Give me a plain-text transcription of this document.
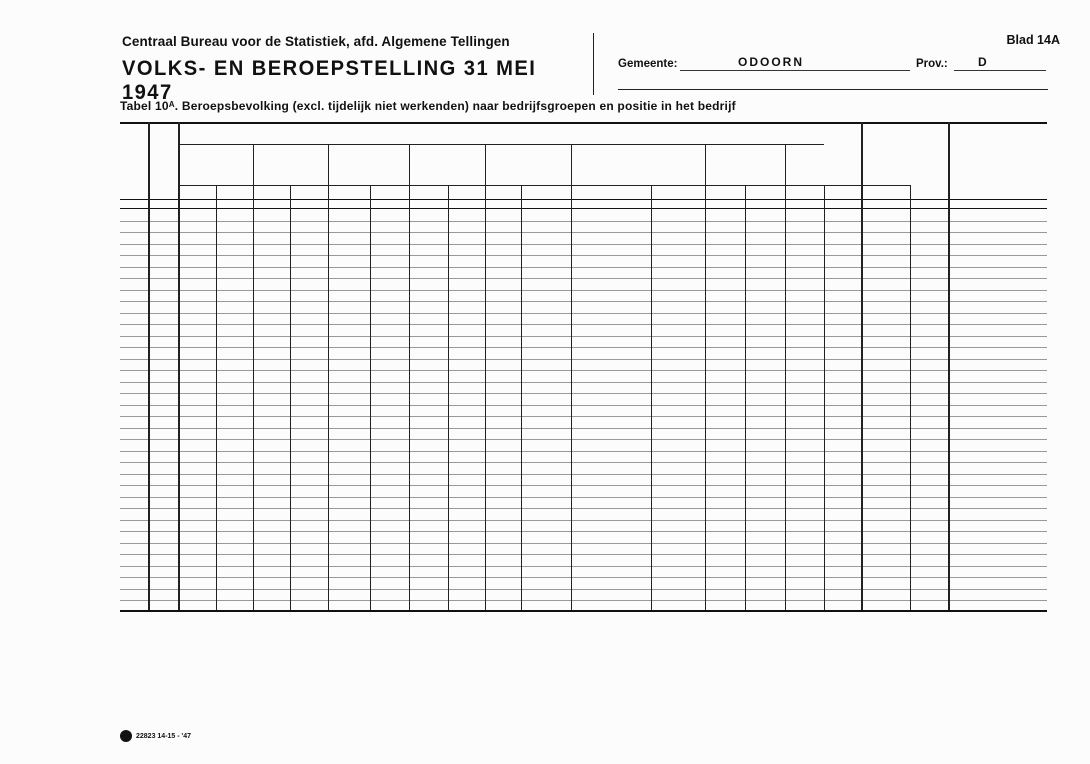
Centraal Bureau voor de Statistiek, afd. Algemene Tellingen
VOLKS- EN BEROEPSTELLING 31 MEI 1947
Blad 14A
Gemeente:	ODOORN	Prov.:	D
Tabel 10ᴬ. Beroepsbevolking (excl. tijdelijk niet werkenden) naar bedrijfsgroepen en positie in het bedrijf
22823 14-15 - '47
